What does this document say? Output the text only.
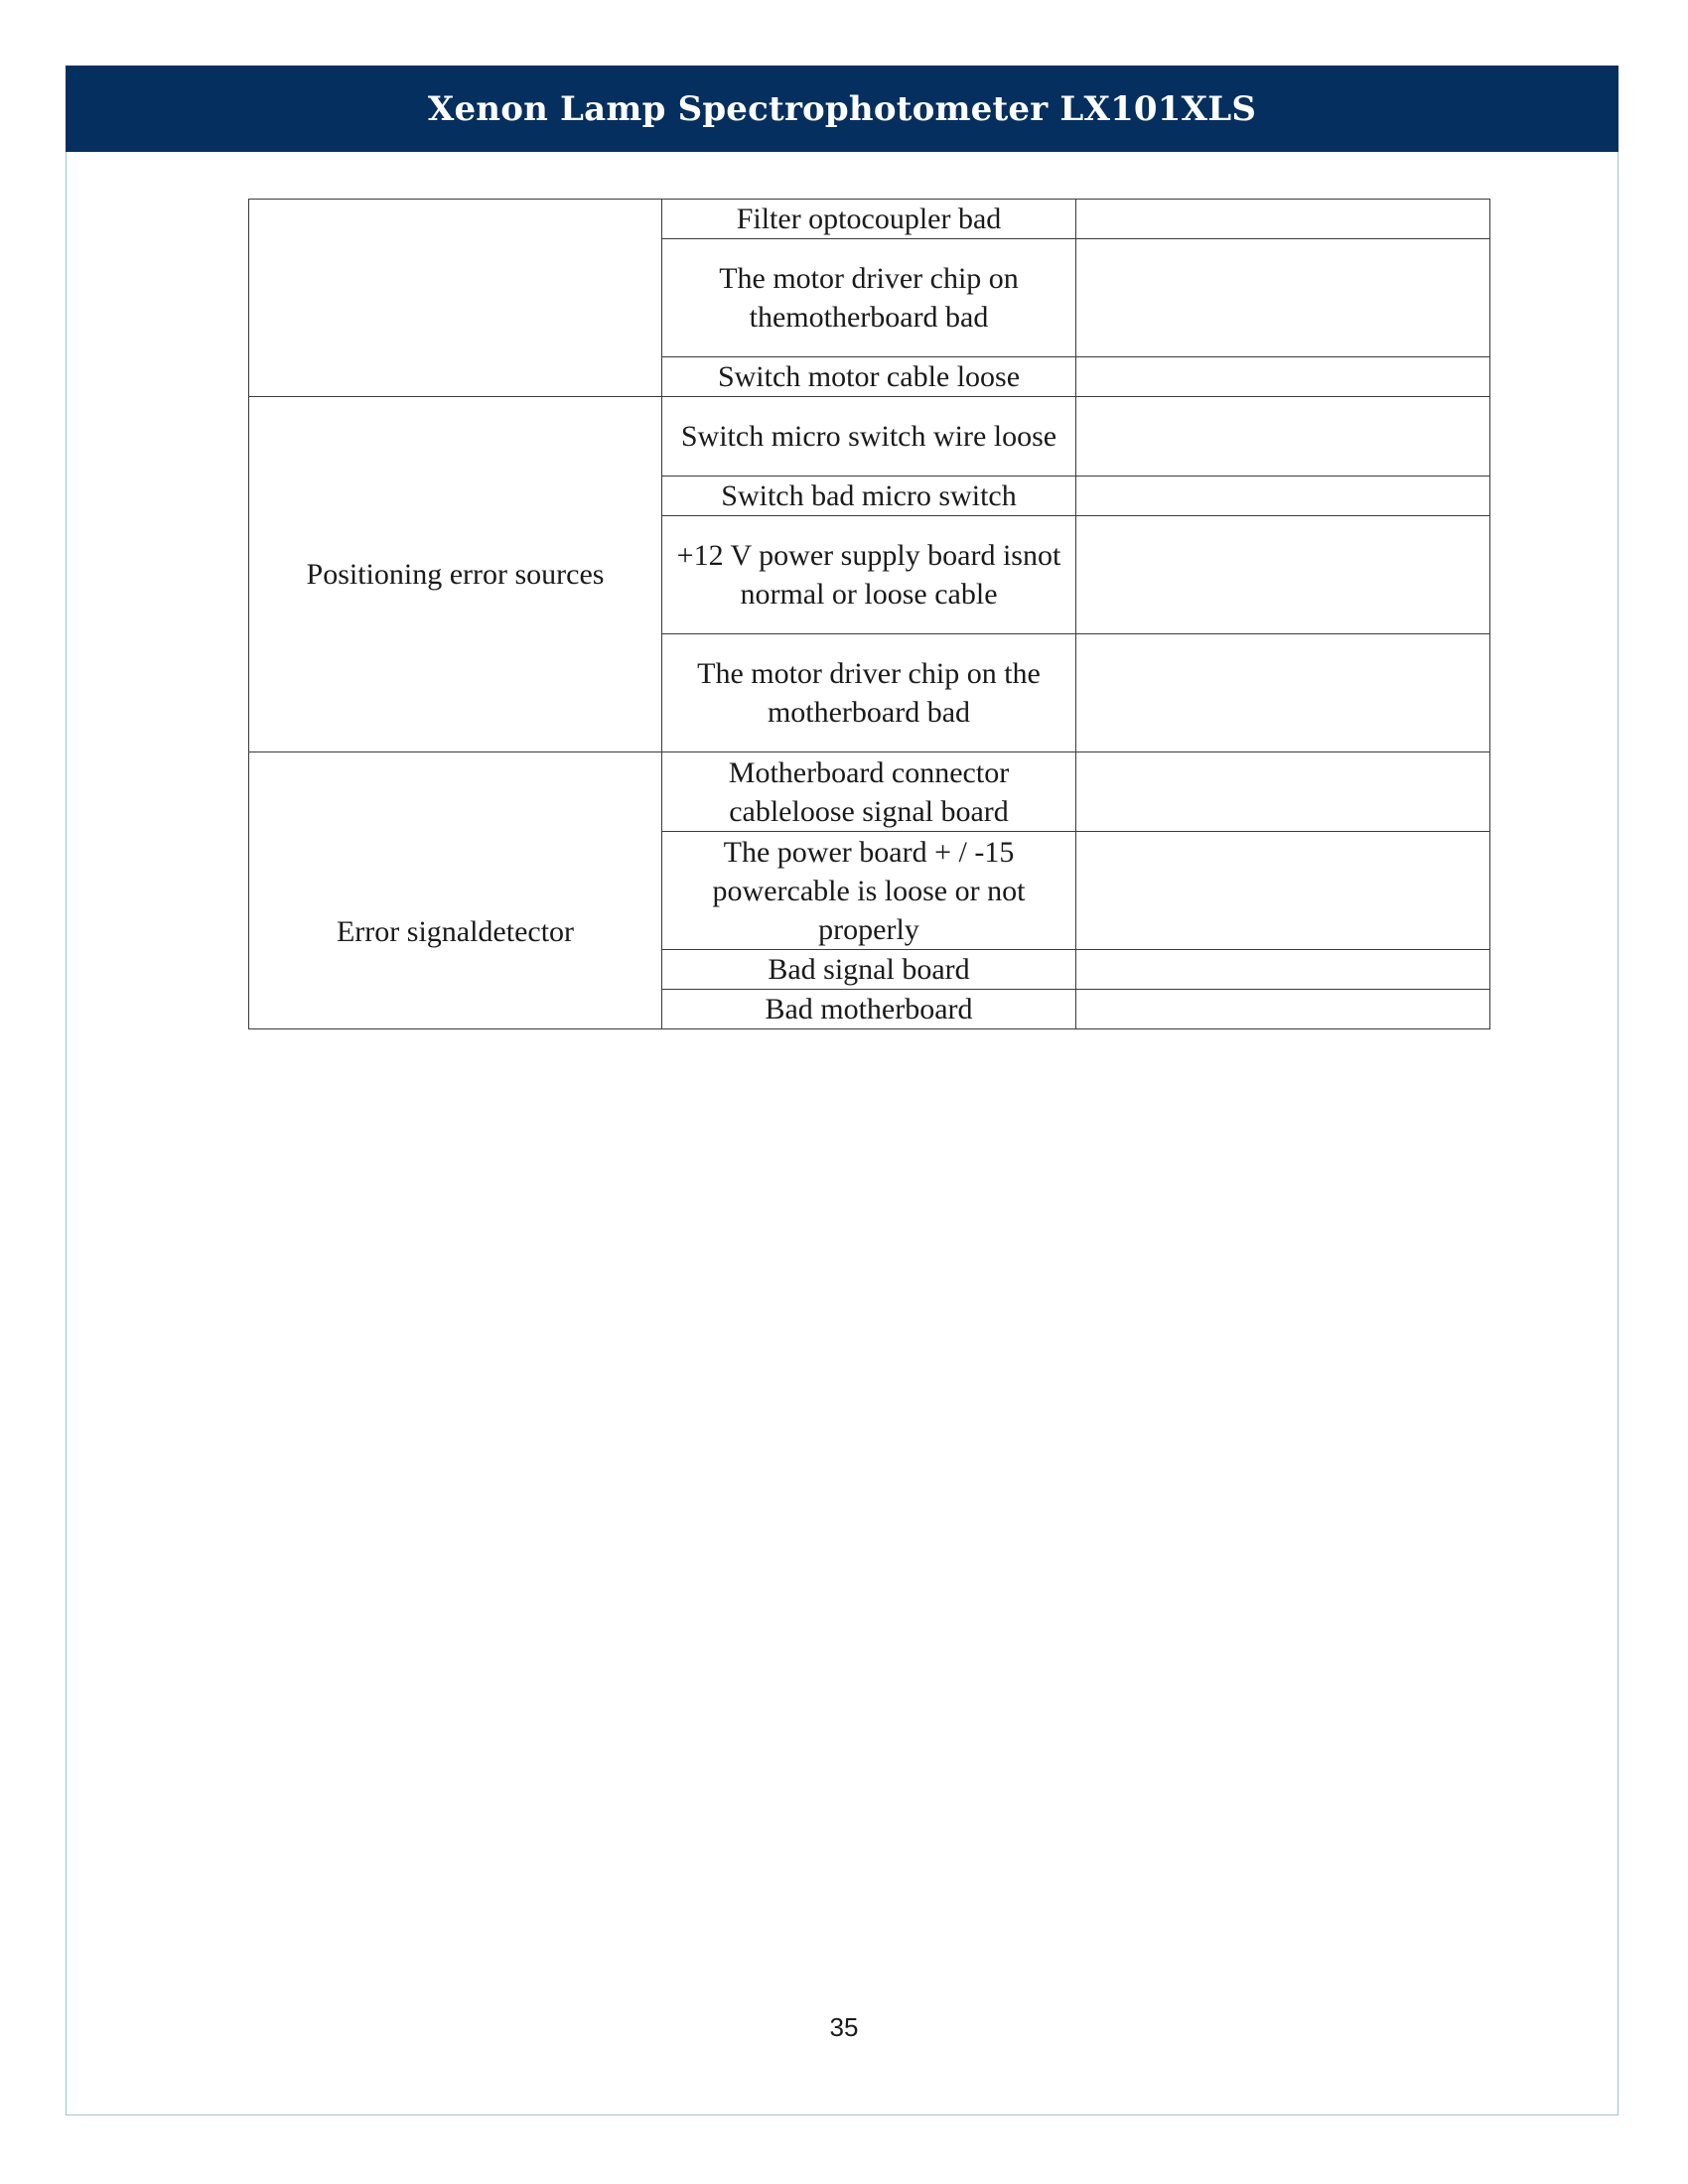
Xenon Lamp Spectrophotometer LX101XLS
	Filter optocoupler bad	
	The motor driver chip on themotherboard bad	
	Switch motor cable loose	
Positioning error sources	Switch micro switch wire loose	
	Switch bad micro switch	
	+12 V power supply board isnot normal or loose cable	
	The motor driver chip on the motherboard bad	
Error signaldetector	Motherboard connector cableloose signal board	
	The power board + / -15 powercable is loose or not properly	
	Bad signal board	
	Bad motherboard	
35
